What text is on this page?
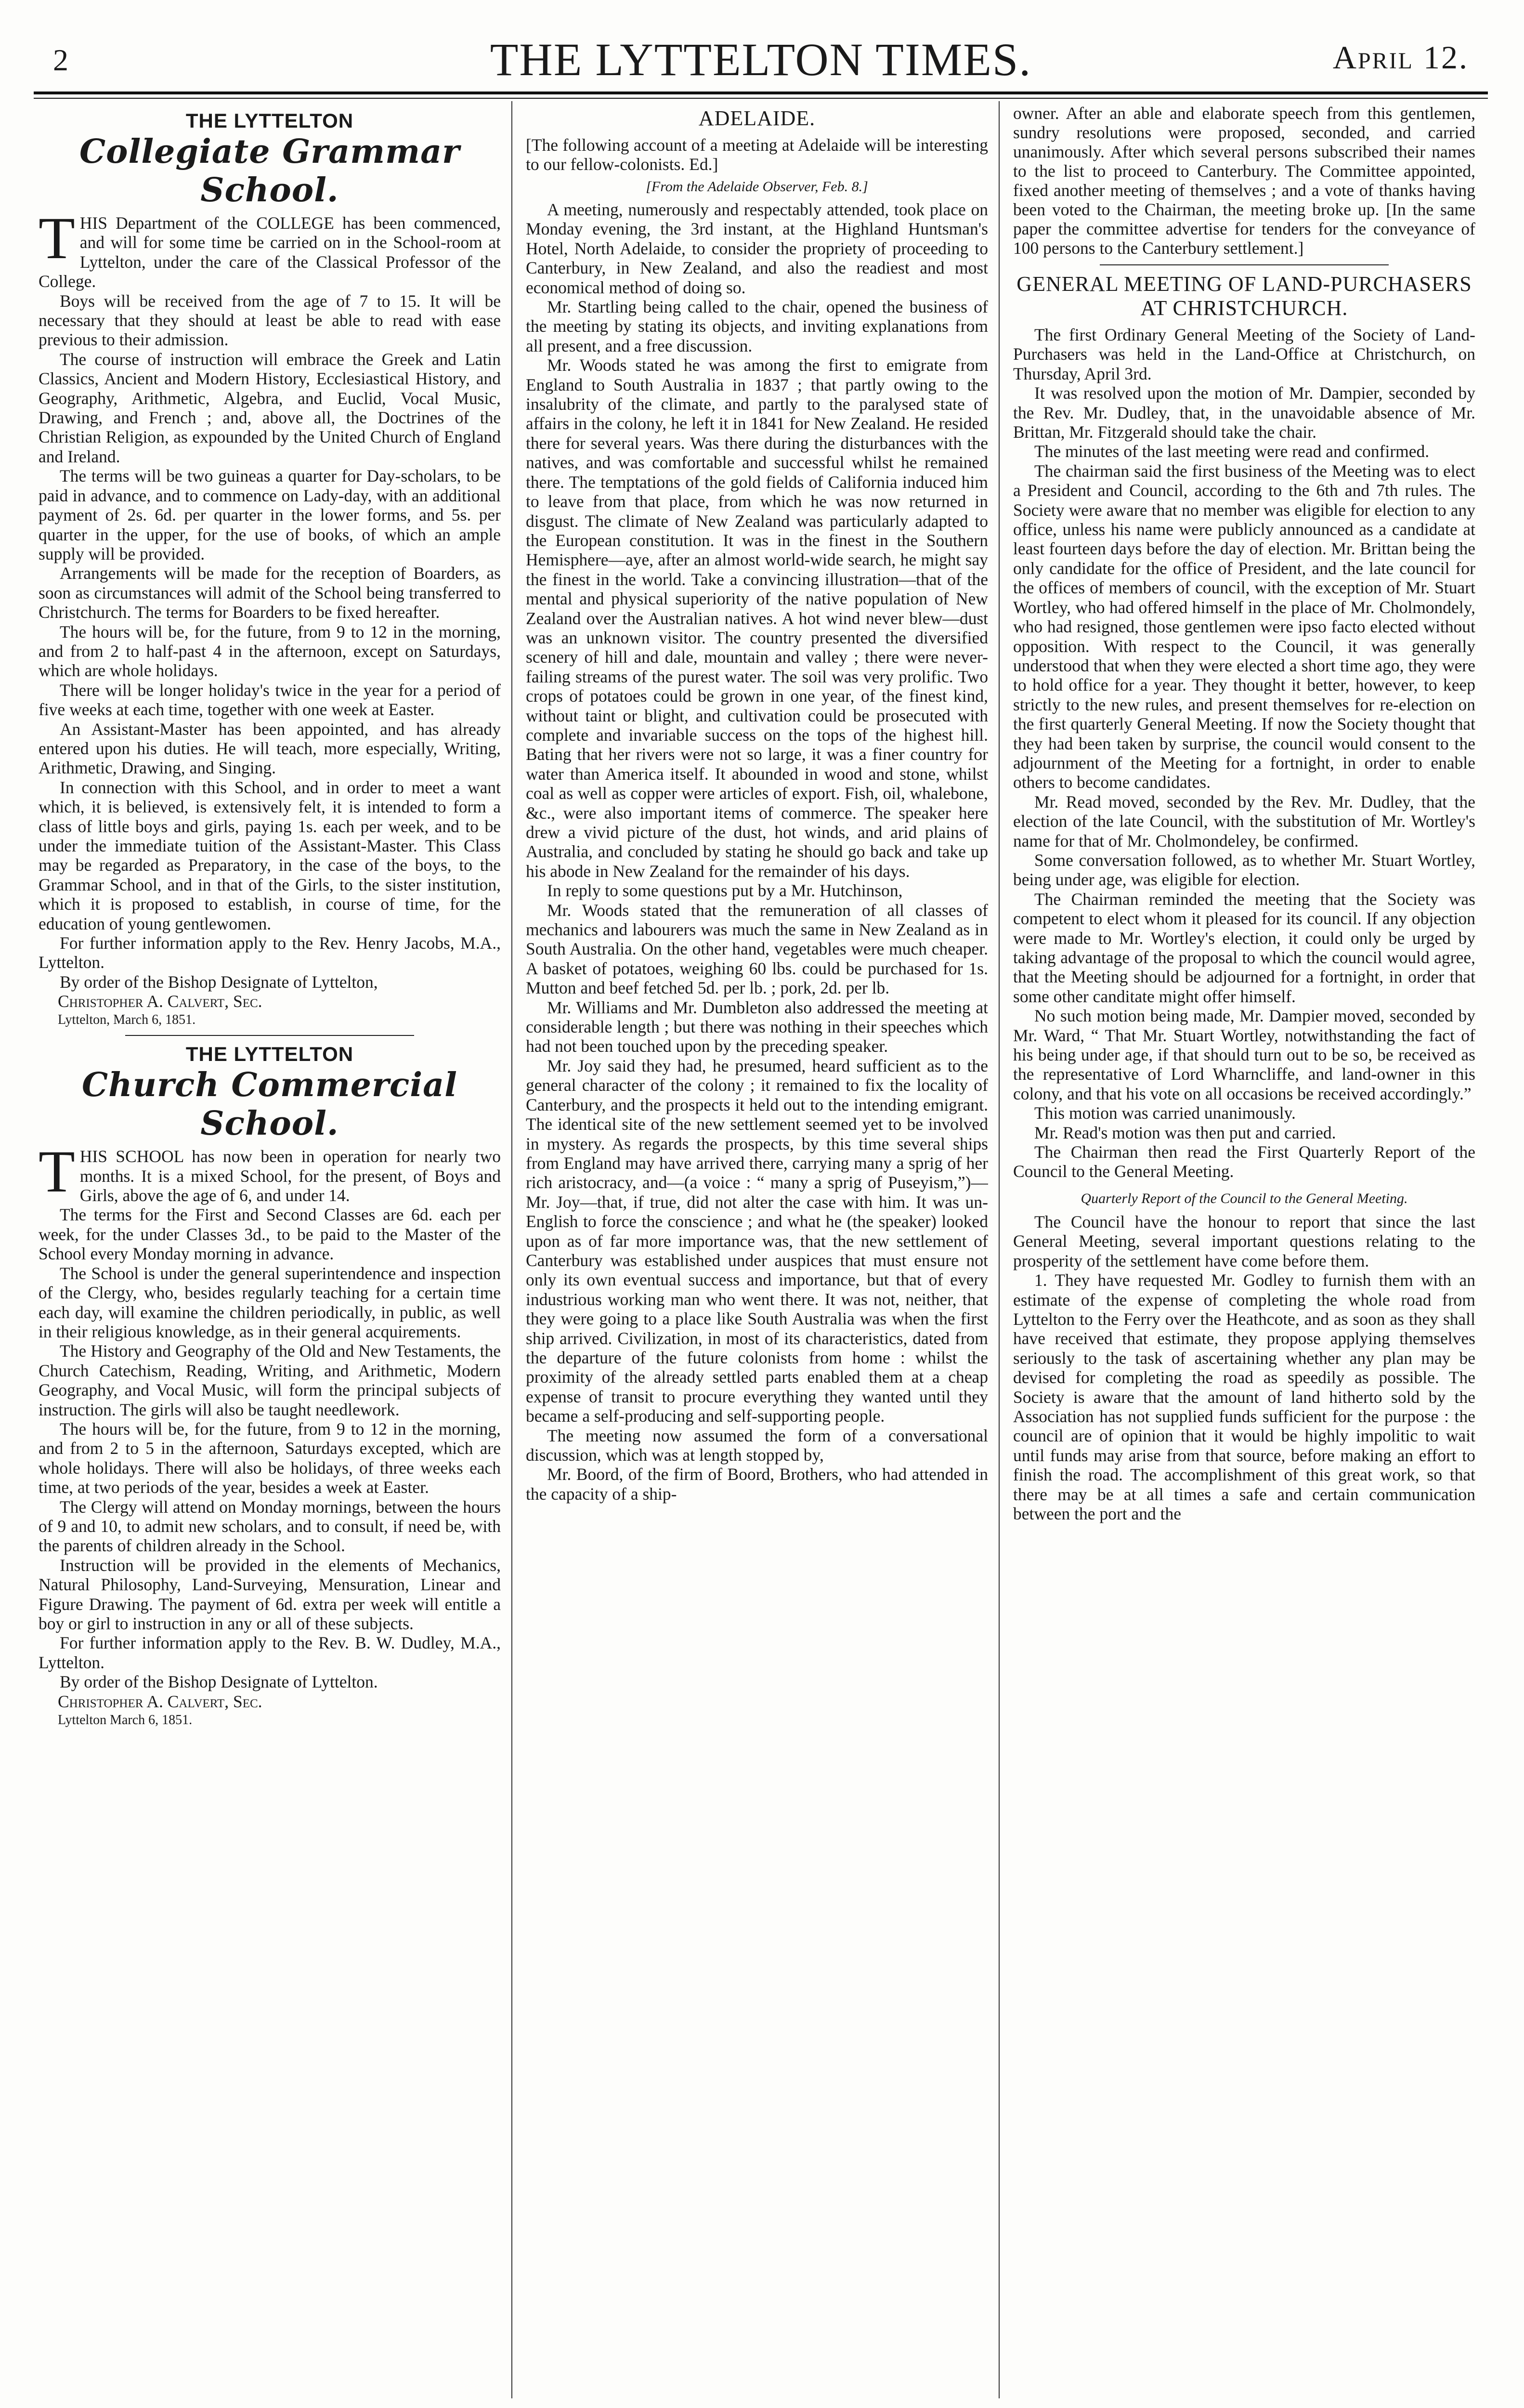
2	THE LYTTELTON TIMES.	April 12.
THE LYTTELTON
Collegiate Grammar School.

THIS Department of the COLLEGE has been commenced, and will for some time be carried on in the School-room at Lyttelton, under the care of the Classical Professor of the College.

Boys will be received from the age of 7 to 15. It will be necessary that they should at least be able to read with ease previous to their admission.

The course of instruction will embrace the Greek and Latin Classics, Ancient and Modern History, Ecclesiastical History, and Geography, Arithmetic, Algebra, and Euclid, Vocal Music, Drawing, and French ; and, above all, the Doctrines of the Christian Religion, as expounded by the United Church of England and Ireland.

The terms will be two guineas a quarter for Day-scholars, to be paid in advance, and to commence on Lady-day, with an additional payment of 2s. 6d. per quarter in the lower forms, and 5s. per quarter in the upper, for the use of books, of which an ample supply will be provided.

Arrangements will be made for the reception of Boarders, as soon as circumstances will admit of the School being transferred to Christchurch. The terms for Boarders to be fixed hereafter.

The hours will be, for the future, from 9 to 12 in the morning, and from 2 to half-past 4 in the afternoon, except on Saturdays, which are whole holidays.

There will be longer holiday's twice in the year for a period of five weeks at each time, together with one week at Easter.

An Assistant-Master has been appointed, and has already entered upon his duties. He will teach, more especially, Writing, Arithmetic, Drawing, and Singing.

In connection with this School, and in order to meet a want which, it is believed, is extensively felt, it is intended to form a class of little boys and girls, paying 1s. each per week, and to be under the immediate tuition of the Assistant-Master. This Class may be regarded as Preparatory, in the case of the boys, to the Grammar School, and in that of the Girls, to the sister institution, which it is proposed to establish, in course of time, for the education of young gentlewomen.

For further information apply to the Rev. Henry Jacobs, M.A., Lyttelton.

By order of the Bishop Designate of Lyttelton,

Christopher A. Calvert, Sec.

Lyttelton, March 6, 1851.

THE LYTTELTON
Church Commercial School.

THIS SCHOOL has now been in operation for nearly two months. It is a mixed School, for the present, of Boys and Girls, above the age of 6, and under 14.

The terms for the First and Second Classes are 6d. each per week, for the under Classes 3d., to be paid to the Master of the School every Monday morning in advance.

The School is under the general superintendence and inspection of the Clergy, who, besides regularly teaching for a certain time each day, will examine the children periodically, in public, as well in their religious knowledge, as in their general acquirements.

The History and Geography of the Old and New Testaments, the Church Catechism, Reading, Writing, and Arithmetic, Modern Geography, and Vocal Music, will form the principal subjects of instruction. The girls will also be taught needlework.

The hours will be, for the future, from 9 to 12 in the morning, and from 2 to 5 in the afternoon, Saturdays excepted, which are whole holidays. There will also be holidays, of three weeks each time, at two periods of the year, besides a week at Easter.

The Clergy will attend on Monday mornings, between the hours of 9 and 10, to admit new scholars, and to consult, if need be, with the parents of children already in the School.

Instruction will be provided in the elements of Mechanics, Natural Philosophy, Land-Surveying, Mensuration, Linear and Figure Drawing. The payment of 6d. extra per week will entitle a boy or girl to instruction in any or all of these subjects.

For further information apply to the Rev. B. W. Dudley, M.A., Lyttelton.

By order of the Bishop Designate of Lyttelton.

Christopher A. Calvert, Sec.

Lyttelton March 6, 1851.

ADELAIDE.

[The following account of a meeting at Adelaide will be interesting to our fellow-colonists. Ed.]

[From the Adelaide Observer, Feb. 8.]

A meeting, numerously and respectably attended, took place on Monday evening, the 3rd instant, at the Highland Huntsman's Hotel, North Adelaide, to consider the propriety of proceeding to Canterbury, in New Zealand, and also the readiest and most economical method of doing so.

Mr. Startling being called to the chair, opened the business of the meeting by stating its objects, and inviting explanations from all present, and a free discussion.

Mr. Woods stated he was among the first to emigrate from England to South Australia in 1837 ; that partly owing to the insalubrity of the climate, and partly to the paralysed state of affairs in the colony, he left it in 1841 for New Zealand. He resided there for several years. Was there during the disturbances with the natives, and was comfortable and successful whilst he remained there. The temptations of the gold fields of California induced him to leave from that place, from which he was now returned in disgust. The climate of New Zealand was particularly adapted to the European constitution. It was in the finest in the Southern Hemisphere—aye, after an almost world-wide search, he might say the finest in the world. Take a convincing illustration—that of the mental and physical superiority of the native population of New Zealand over the Australian natives. A hot wind never blew—dust was an unknown visitor. The country presented the diversified scenery of hill and dale, mountain and valley ; there were never-failing streams of the purest water. The soil was very prolific. Two crops of potatoes could be grown in one year, of the finest kind, without taint or blight, and cultivation could be prosecuted with complete and invariable success on the tops of the highest hill. Bating that her rivers were not so large, it was a finer country for water than America itself. It abounded in wood and stone, whilst coal as well as copper were articles of export. Fish, oil, whalebone, &c., were also important items of commerce. The speaker here drew a vivid picture of the dust, hot winds, and arid plains of Australia, and concluded by stating he should go back and take up his abode in New Zealand for the remainder of his days.

In reply to some questions put by a Mr. Hutchinson,

Mr. Woods stated that the remuneration of all classes of mechanics and labourers was much the same in New Zealand as in South Australia. On the other hand, vegetables were much cheaper. A basket of potatoes, weighing 60 lbs. could be purchased for 1s. Mutton and beef fetched 5d. per lb. ; pork, 2d. per lb.

Mr. Williams and Mr. Dumbleton also addressed the meeting at considerable length ; but there was nothing in their speeches which had not been touched upon by the preceding speaker.

Mr. Joy said they had, he presumed, heard sufficient as to the general character of the colony ; it remained to fix the locality of Canterbury, and the prospects it held out to the intending emigrant. The identical site of the new settlement seemed yet to be involved in mystery. As regards the prospects, by this time several ships from England may have arrived there, carrying many a sprig of her rich aristocracy, and—(a voice : “ many a sprig of Puseyism,”)—Mr. Joy—that, if true, did not alter the case with him. It was un-English to force the conscience ; and what he (the speaker) looked upon as of far more importance was, that the new settlement of Canterbury was established under auspices that must ensure not only its own eventual success and importance, but that of every industrious working man who went there. It was not, neither, that they were going to a place like South Australia was when the first ship arrived. Civilization, in most of its characteristics, dated from the departure of the future colonists from home : whilst the proximity of the already settled parts enabled them at a cheap expense of transit to procure everything they wanted until they became a self-producing and self-supporting people.

The meeting now assumed the form of a conversational discussion, which was at length stopped by,

Mr. Boord, of the firm of Boord, Brothers, who had attended in the capacity of a ship-

owner. After an able and elaborate speech from this gentlemen, sundry resolutions were proposed, seconded, and carried unanimously. After which several persons subscribed their names to the list to proceed to Canterbury. The Committee appointed, fixed another meeting of themselves ; and a vote of thanks having been voted to the Chairman, the meeting broke up. [In the same paper the committee advertise for tenders for the conveyance of 100 persons to the Canterbury settlement.]

GENERAL MEETING OF LAND-PURCHASERS AT CHRISTCHURCH.

The first Ordinary General Meeting of the Society of Land-Purchasers was held in the Land-Office at Christchurch, on Thursday, April 3rd.

It was resolved upon the motion of Mr. Dampier, seconded by the Rev. Mr. Dudley, that, in the unavoidable absence of Mr. Brittan, Mr. Fitzgerald should take the chair.

The minutes of the last meeting were read and confirmed.

The chairman said the first business of the Meeting was to elect a President and Council, according to the 6th and 7th rules. The Society were aware that no member was eligible for election to any office, unless his name were publicly announced as a candidate at least fourteen days before the day of election. Mr. Brittan being the only candidate for the office of President, and the late council for the offices of members of council, with the exception of Mr. Stuart Wortley, who had offered himself in the place of Mr. Cholmondely, who had resigned, those gentlemen were ipso facto elected without opposition. With respect to the Council, it was generally understood that when they were elected a short time ago, they were to hold office for a year. They thought it better, however, to keep strictly to the new rules, and present themselves for re-election on the first quarterly General Meeting. If now the Society thought that they had been taken by surprise, the council would consent to the adjournment of the Meeting for a fortnight, in order to enable others to become candidates.

Mr. Read moved, seconded by the Rev. Mr. Dudley, that the election of the late Council, with the substitution of Mr. Wortley's name for that of Mr. Cholmondeley, be confirmed.

Some conversation followed, as to whether Mr. Stuart Wortley, being under age, was eligible for election.

The Chairman reminded the meeting that the Society was competent to elect whom it pleased for its council. If any objection were made to Mr. Wortley's election, it could only be urged by taking advantage of the proposal to which the council would agree, that the Meeting should be adjourned for a fortnight, in order that some other canditate might offer himself.

No such motion being made, Mr. Dampier moved, seconded by Mr. Ward, “ That Mr. Stuart Wortley, notwithstanding the fact of his being under age, if that should turn out to be so, be received as the representative of Lord Wharncliffe, and land-owner in this colony, and that his vote on all occasions be received accordingly.”

This motion was carried unanimously.

Mr. Read's motion was then put and carried.

The Chairman then read the First Quarterly Report of the Council to the General Meeting.

Quarterly Report of the Council to the General Meeting.

The Council have the honour to report that since the last General Meeting, several important questions relating to the prosperity of the settlement have come before them.

1. They have requested Mr. Godley to furnish them with an estimate of the expense of completing the whole road from Lyttelton to the Ferry over the Heathcote, and as soon as they shall have received that estimate, they propose applying themselves seriously to the task of ascertaining whether any plan may be devised for completing the road as speedily as possible. The Society is aware that the amount of land hitherto sold by the Association has not supplied funds sufficient for the purpose : the council are of opinion that it would be highly impolitic to wait until funds may arise from that source, before making an effort to finish the road. The accomplishment of this great work, so that there may be at all times a safe and certain communication between the port and the
